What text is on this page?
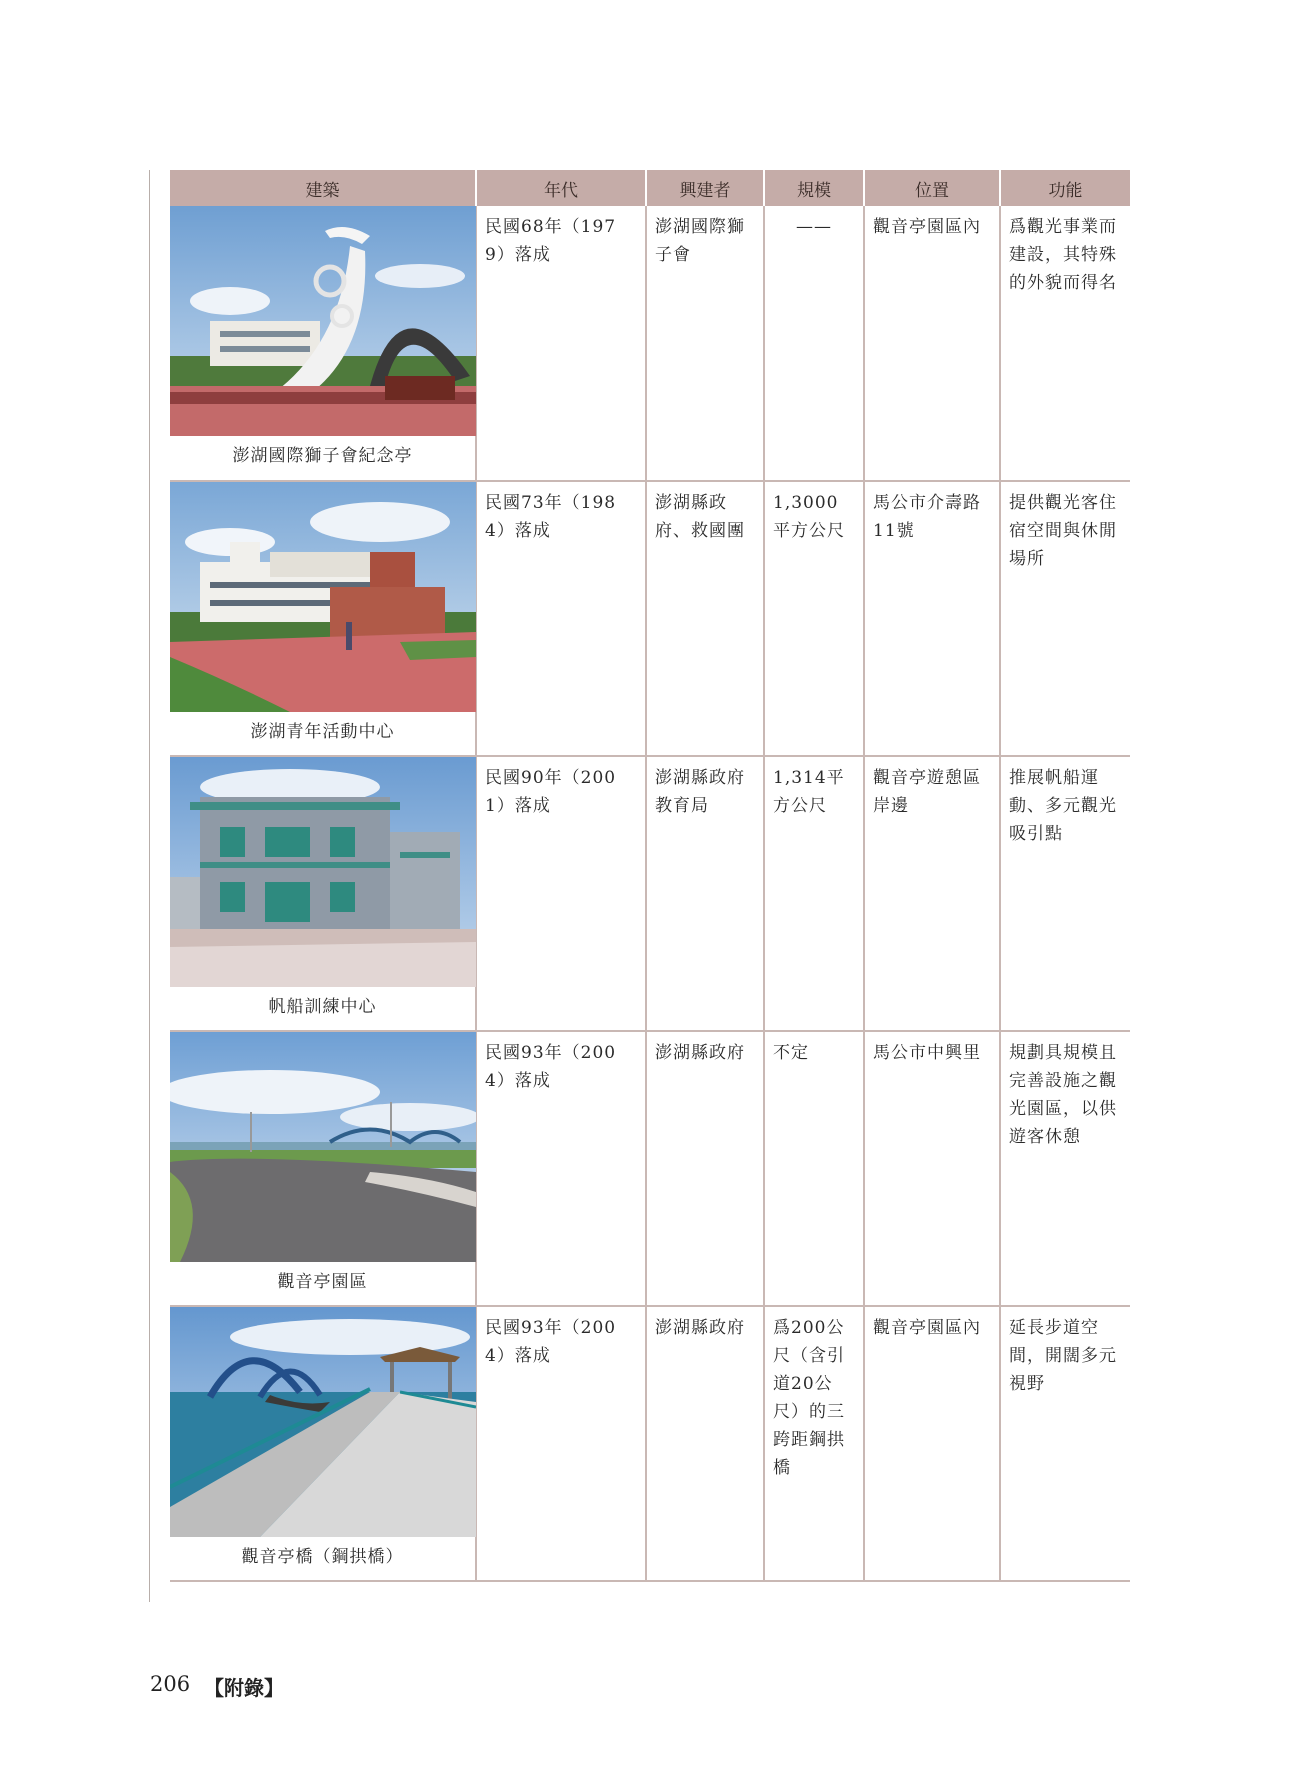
建築	年代	興建者	規模	位置	功能

澎湖國際獅子會紀念亭	民國68年（1979）落成	澎湖國際獅子會	——	觀音亭園區內	爲觀光事業而建設，其特殊的外貌而得名

澎湖青年活動中心	民國73年（1984）落成	澎湖縣政府、救國團	1,3000平方公尺	馬公市介壽路11號	提供觀光客住宿空間與休閒場所

帆船訓練中心	民國90年（2001）落成	澎湖縣政府教育局	1,314平方公尺	觀音亭遊憩區岸邊	推展帆船運動、多元觀光吸引點

觀音亭園區	民國93年（2004）落成	澎湖縣政府	不定	馬公市中興里	規劃具規模且完善設施之觀光園區，以供遊客休憩

觀音亭橋（鋼拱橋）	民國93年（2004）落成	澎湖縣政府	爲200公尺（含引道20公尺）的三跨距鋼拱橋	觀音亭園區內	延長步道空間，開闊多元視野
206 【附錄】
